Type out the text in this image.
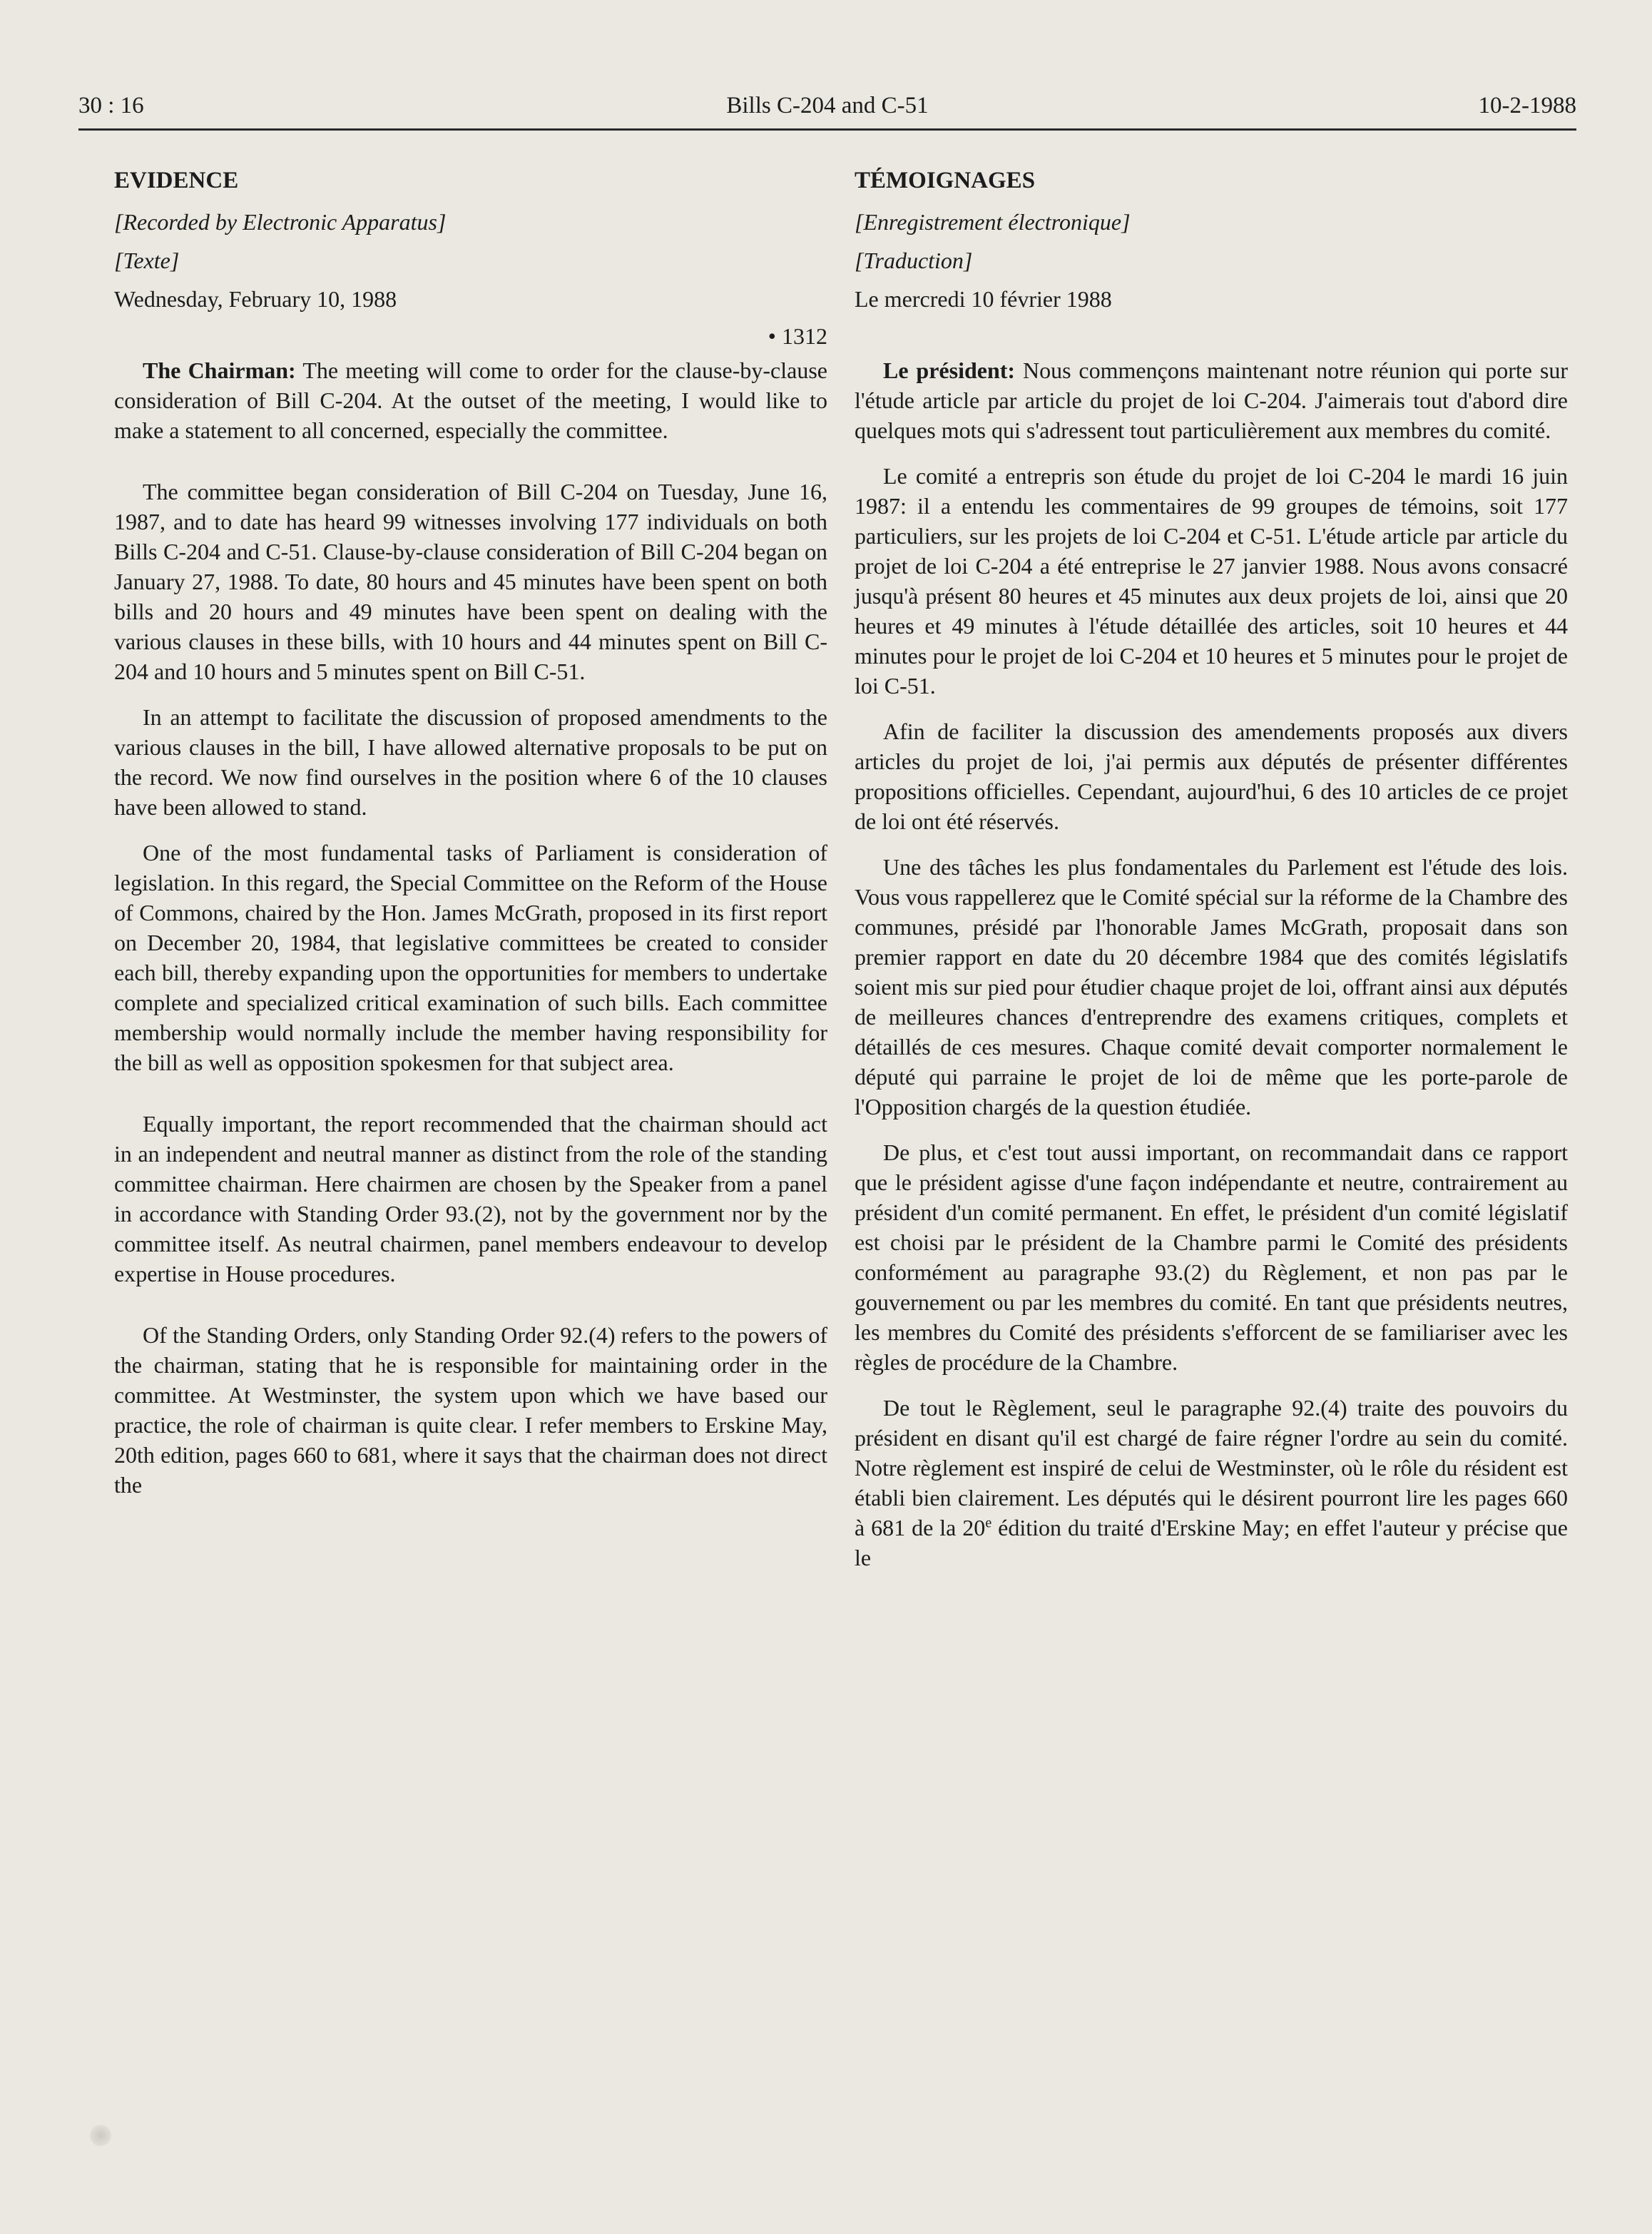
30 : 16	Bills C-204 and C-51	10-2-1988
EVIDENCE
[Recorded by Electronic Apparatus]
[Texte]
Wednesday, February 10, 1988
• 1312

The Chairman: The meeting will come to order for the clause-by-clause consideration of Bill C-204. At the outset of the meeting, I would like to make a statement to all concerned, especially the committee.

The committee began consideration of Bill C-204 on Tuesday, June 16, 1987, and to date has heard 99 witnesses involving 177 individuals on both Bills C-204 and C-51. Clause-by-clause consideration of Bill C-204 began on January 27, 1988. To date, 80 hours and 45 minutes have been spent on both bills and 20 hours and 49 minutes have been spent on dealing with the various clauses in these bills, with 10 hours and 44 minutes spent on Bill C-204 and 10 hours and 5 minutes spent on Bill C-51.

In an attempt to facilitate the discussion of proposed amendments to the various clauses in the bill, I have allowed alternative proposals to be put on the record. We now find ourselves in the position where 6 of the 10 clauses have been allowed to stand.

One of the most fundamental tasks of Parliament is consideration of legislation. In this regard, the Special Committee on the Reform of the House of Commons, chaired by the Hon. James McGrath, proposed in its first report on December 20, 1984, that legislative committees be created to consider each bill, thereby expanding upon the opportunities for members to undertake complete and specialized critical examination of such bills. Each committee membership would normally include the member having responsibility for the bill as well as opposition spokesmen for that subject area.

Equally important, the report recommended that the chairman should act in an independent and neutral manner as distinct from the role of the standing committee chairman. Here chairmen are chosen by the Speaker from a panel in accordance with Standing Order 93.(2), not by the government nor by the committee itself. As neutral chairmen, panel members endeavour to develop expertise in House procedures.

Of the Standing Orders, only Standing Order 92.(4) refers to the powers of the chairman, stating that he is responsible for maintaining order in the committee. At Westminster, the system upon which we have based our practice, the role of chairman is quite clear. I refer members to Erskine May, 20th edition, pages 660 to 681, where it says that the chairman does not direct the

TÉMOIGNAGES
[Enregistrement électronique]
[Traduction]
Le mercredi 10 février 1988

Le président: Nous commençons maintenant notre réunion qui porte sur l'étude article par article du projet de loi C-204. J'aimerais tout d'abord dire quelques mots qui s'adressent tout particulièrement aux membres du comité.

Le comité a entrepris son étude du projet de loi C-204 le mardi 16 juin 1987: il a entendu les commentaires de 99 groupes de témoins, soit 177 particuliers, sur les projets de loi C-204 et C-51. L'étude article par article du projet de loi C-204 a été entreprise le 27 janvier 1988. Nous avons consacré jusqu'à présent 80 heures et 45 minutes aux deux projets de loi, ainsi que 20 heures et 49 minutes à l'étude détaillée des articles, soit 10 heures et 44 minutes pour le projet de loi C-204 et 10 heures et 5 minutes pour le projet de loi C-51.

Afin de faciliter la discussion des amendements proposés aux divers articles du projet de loi, j'ai permis aux députés de présenter différentes propositions officielles. Cependant, aujourd'hui, 6 des 10 articles de ce projet de loi ont été réservés.

Une des tâches les plus fondamentales du Parlement est l'étude des lois. Vous vous rappellerez que le Comité spécial sur la réforme de la Chambre des communes, présidé par l'honorable James McGrath, proposait dans son premier rapport en date du 20 décembre 1984 que des comités législatifs soient mis sur pied pour étudier chaque projet de loi, offrant ainsi aux députés de meilleures chances d'entreprendre des examens critiques, complets et détaillés de ces mesures. Chaque comité devait comporter normalement le député qui parraine le projet de loi de même que les porte-parole de l'Opposition chargés de la question étudiée.

De plus, et c'est tout aussi important, on recommandait dans ce rapport que le président agisse d'une façon indépendante et neutre, contrairement au président d'un comité permanent. En effet, le président d'un comité législatif est choisi par le président de la Chambre parmi le Comité des présidents conformément au paragraphe 93.(2) du Règlement, et non pas par le gouvernement ou par les membres du comité. En tant que présidents neutres, les membres du Comité des présidents s'efforcent de se familiariser avec les règles de procédure de la Chambre.

De tout le Règlement, seul le paragraphe 92.(4) traite des pouvoirs du président en disant qu'il est chargé de faire régner l'ordre au sein du comité. Notre règlement est inspiré de celui de Westminster, où le rôle du résident est établi bien clairement. Les députés qui le désirent pourront lire les pages 660 à 681 de la 20e édition du traité d'Erskine May; en effet l'auteur y précise que le
